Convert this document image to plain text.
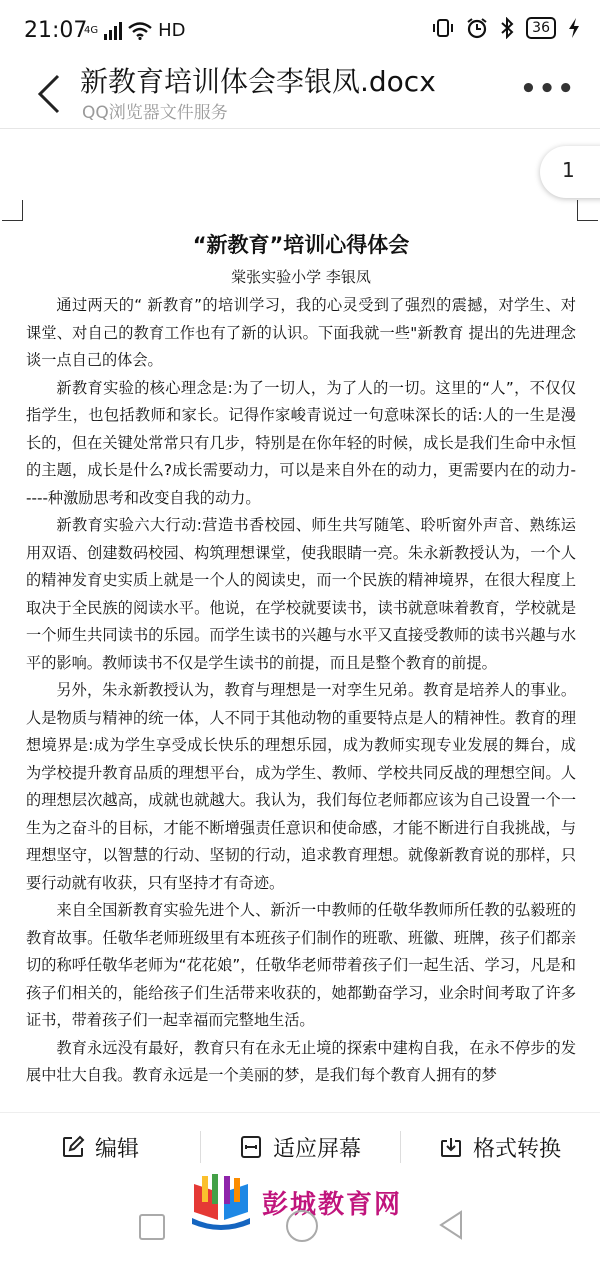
21:07
4G	HD	36
新教育培训体会李银凤.docx
QQ浏览器文件服务
•••
1
“新教育”培训心得体会
棠张实验小学 李银凤

通过两天的“ 新教育”的培训学习，我的心灵受到了强烈的震撼，对学生、对课堂、对自己的教育工作也有了新的认识。下面我就一些"新教育 提出的先进理念谈一点自己的体会。

新教育实验的核心理念是:为了一切人，为了人的一切。这里的“人”，不仅仅指学生，也包括教师和家长。记得作家峻青说过一句意味深长的话:人的一生是漫长的，但在关键处常常只有几步，特别是在你年轻的时候，成长是我们生命中永恒的主题，成长是什么?成长需要动力，可以是来自外在的动力，更需要内在的动力-----种激励思考和改变自我的动力。

新教育实验六大行动:营造书香校园、师生共写随笔、聆听窗外声音、熟练运用双语、创建数码校园、构筑理想课堂，使我眼睛一亮。朱永新教授认为，一个人的精神发育史实质上就是一个人的阅读史，而一个民族的精神境界，在很大程度上取决于全民族的阅读水平。他说，在学校就要读书，读书就意味着教育，学校就是一个师生共同读书的乐园。而学生读书的兴趣与水平又直接受教师的读书兴趣与水平的影响。教师读书不仅是学生读书的前提，而且是整个教育的前提。

另外，朱永新教授认为，教育与理想是一对孪生兄弟。教育是培养人的事业。人是物质与精神的统一体，人不同于其他动物的重要特点是人的精神性。教育的理想境界是:成为学生享受成长快乐的理想乐园，成为教师实现专业发展的舞台，成为学校提升教育品质的理想平台，成为学生、教师、学校共同反战的理想空间。人的理想层次越高，成就也就越大。我认为，我们每位老师都应该为自己设置一个一生为之奋斗的目标，才能不断增强责任意识和使命感，才能不断进行自我挑战，与理想坚守，以智慧的行动、坚韧的行动，追求教育理想。就像新教育说的那样，只要行动就有收获，只有坚持才有奇迹。

来自全国新教育实验先进个人、新沂一中教师的任敬华教师所任教的弘毅班的教育故事。任敬华老师班级里有本班孩子们制作的班歌、班徽、班牌，孩子们都亲切的称呼任敬华老师为“花花娘”，任敬华老师带着孩子们一起生活、学习，凡是和孩子们相关的，能给孩子们生活带来收获的，她都勤奋学习，业余时间考取了许多证书，带着孩子们一起幸福而完整地生活。

教育永远没有最好，教育只有在永无止境的探索中建构自我，在永不停步的发展中壮大自我。教育永远是一个美丽的梦，是我们每个教育人拥有的梦

编辑	适应屏幕	格式转换
彭城教育网
